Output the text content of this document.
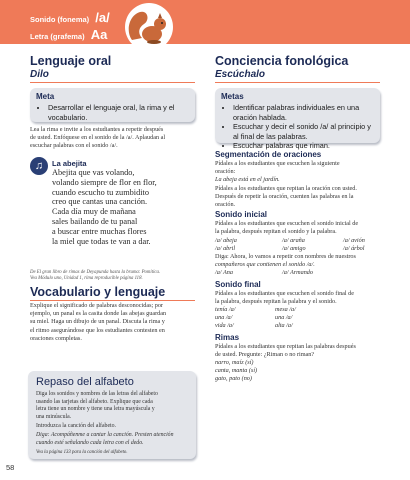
Sonido (fonema) /a/
Letra (grafema) Aa
Lenguaje oral
Dilo
Meta
• Desarrollar el lenguaje oral, la rima y el vocabulario.
Lea la rima e invite a los estudiantes a repetir después
de usted. Enfóquese en el sonido de la /a/. Aplaudan al
escuchar palabras con el sonido /a/.
♫	La abejita
Abejita que vas volando,
volando siempre de flor en flor,
cuando escucho tu zumbidito
creo que cantas una canción.
Cada día muy de mañana
sales bailando de tu panal
a buscar entre muchas flores
la miel que todas te van a dar.
De El gran libro de rimas de Deyapunda hasta la bruma: Pomitica.
Vea Módulo uno, Unidad 1, rima reproducible página 118.
Vocabulario y lenguaje
Explique el significado de palabras desconocidas; por
ejemplo, un panal es la casita donde las abejas guardan
su miel. Haga un dibujo de un panal. Discuta la rima y
el ritmo asegurándose que los estudiantes contesten en
oraciones completas.
Repaso del alfabeto
Diga los sonidos y nombres de las letras del alfabeto
usando las tarjetas del alfabeto. Explique que cada
letra tiene un nombre y tiene una letra mayúscula y
una minúscula.
Introduzca la canción del alfabeto.
Diga: Acompáñenme a cantar la canción. Presten atención
cuando esté señalando cada letra con el dedo.
Vea la página 133 para la canción del alfabeto.
58
Conciencia fonológica
Escúchalo
Metas
• Identificar palabras individuales en una oración hablada.
• Escuchar y decir el sonido /a/ al principio y al final de las palabras.
• Escuchar palabras que riman.
Segmentación de oraciones
Pídales a los estudiantes que escuchen la siguiente
oración:
La abeja está en el jardín.
Pídales a los estudiantes que repitan la oración con usted.
Después de repetir la oración, cuenten las palabras en la
oración.
Sonido inicial
Pídales a los estudiantes que escuchen el sonido inicial de
la palabra, después repitan el sonido y la palabra.
/a/ abeja	/a/ araña	/a/ avión
/a/ abril	/a/ amigo	/a/ árbol
Diga: Ahora, lo vamos a repetir con nombres de nuestros
compañeros que contienen el sonido /a/.
/a/ Ana	/a/ Armando
Sonido final
Pídales a los estudiantes que escuchen el sonido final de
la palabra, después repitan la palabra y el sonido.
tenía /a/	mesa /a/
una /a/	una /a/
vida /a/	alta /a/
Rimas
Pídales a los estudiantes que repitan las palabras después
de usted. Pregunte: ¿Riman o no riman?
narro, maíz (sí)
canta, manta (sí)
gato, pato (no)
